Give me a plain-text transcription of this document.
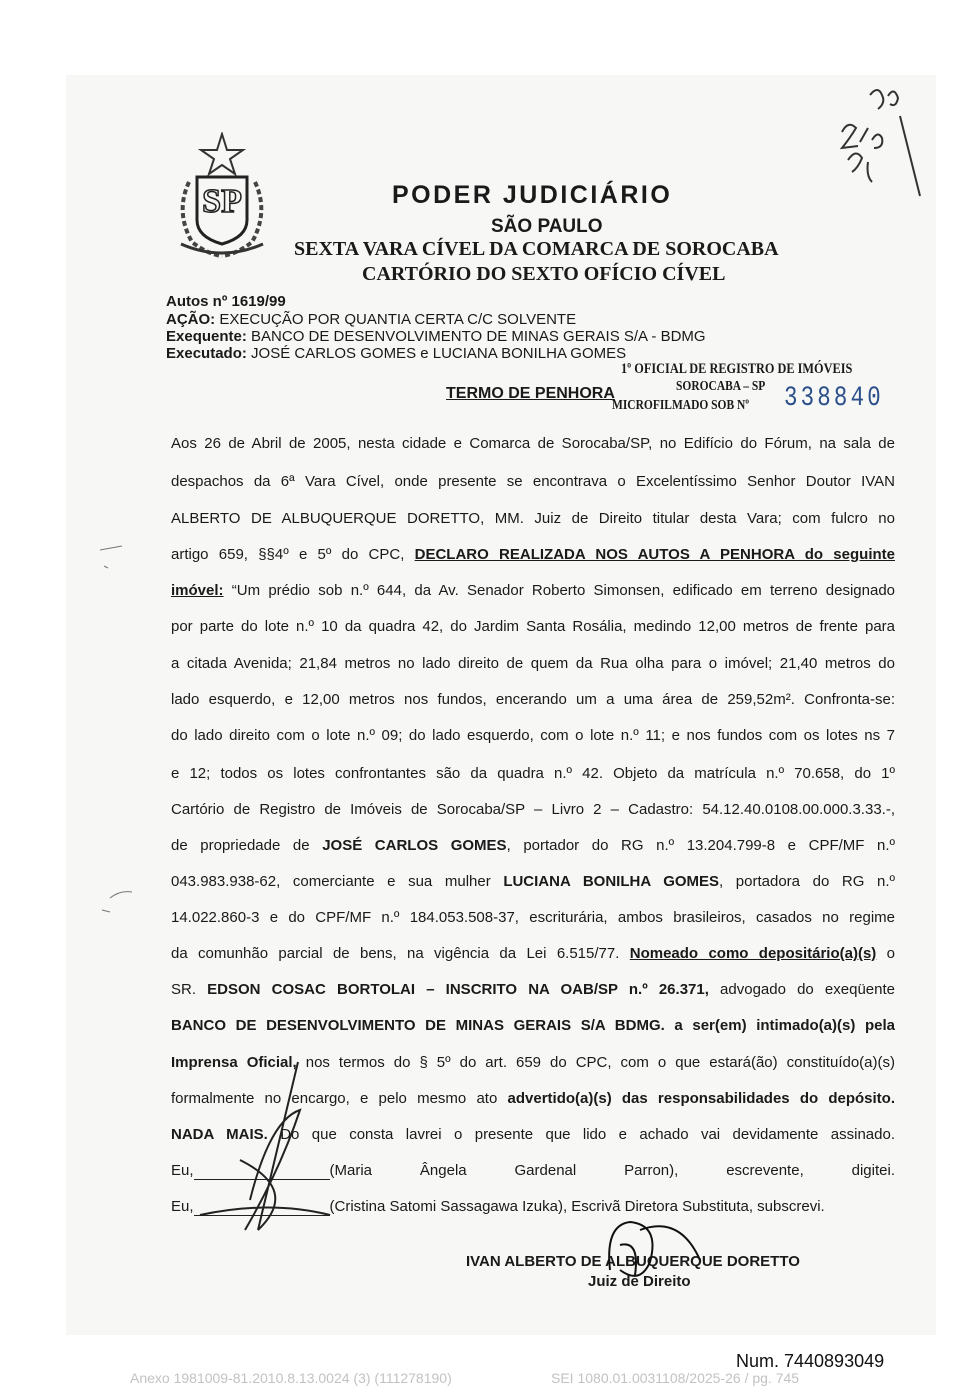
SP	PODER JUDICIÁRIO
SÃO PAULO
SEXTA VARA CÍVEL DA COMARCA DE SOROCABA
CARTÓRIO DO SEXTO OFÍCIO CÍVEL
Autos nº 1619/99
AÇÃO: EXECUÇÃO POR QUANTIA CERTA C/C SOLVENTE
Exequente: BANCO DE DESENVOLVIMENTO DE MINAS GERAIS S/A - BDMG
Executado: JOSÉ CARLOS GOMES e LUCIANA BONILHA GOMES
1º OFICIAL DE REGISTRO DE IMÓVEIS
SOROCABA – SP
MICROFILMADO SOB Nº 338840
TERMO DE PENHORA
Aos 26 de Abril de 2005, nesta cidade e Comarca de Sorocaba/SP, no Edifício do Fórum, na sala de
despachos da 6ª Vara Cível, onde presente se encontrava o Excelentíssimo Senhor Doutor IVAN
ALBERTO DE ALBUQUERQUE DORETTO, MM. Juiz de Direito titular desta Vara; com fulcro no
artigo 659, §§4º e 5º do CPC, DECLARO REALIZADA NOS AUTOS A PENHORA do seguinte
imóvel: “Um prédio sob n.º 644, da Av. Senador Roberto Simonsen, edificado em terreno designado
por parte do lote n.º 10 da quadra 42, do Jardim Santa Rosália, medindo 12,00 metros de frente para
a citada Avenida; 21,84 metros no lado direito de quem da Rua olha para o imóvel; 21,40 metros do
lado esquerdo, e 12,00 metros nos fundos, encerando um a uma área de 259,52m². Confronta-se:
do lado direito com o lote n.º 09; do lado esquerdo, com o lote n.º 11; e nos fundos com os lotes ns 7
e 12; todos os lotes confrontantes são da quadra n.º 42. Objeto da matrícula n.º 70.658, do 1º
Cartório de Registro de Imóveis de Sorocaba/SP – Livro 2 – Cadastro: 54.12.40.0108.00.000.3.33.-,
de propriedade de JOSÉ CARLOS GOMES, portador do RG n.º 13.204.799-8 e CPF/MF n.º
043.983.938-62, comerciante e sua mulher LUCIANA BONILHA GOMES, portadora do RG n.º
14.022.860-3 e do CPF/MF n.º 184.053.508-37, escriturária, ambos brasileiros, casados no regime
da comunhão parcial de bens, na vigência da Lei 6.515/77. Nomeado como depositário(a)(s) o
SR. EDSON COSAC BORTOLAI – INSCRITO NA OAB/SP n.º 26.371, advogado do exeqüente
BANCO DE DESENVOLVIMENTO DE MINAS GERAIS S/A BDMG. a ser(em) intimado(a)(s) pela
Imprensa Oficial, nos termos do § 5º do art. 659 do CPC, com o que estará(ão) constituído(a)(s)
formalmente no encargo, e pelo mesmo ato advertido(a)(s) das responsabilidades do depósito.
NADA MAIS. Do que consta lavrei o presente que lido e achado vai devidamente assinado.
Eu,	(Maria Ângela Gardenal Parron), escrevente, digitei.
Eu,	(Cristina Satomi Sassagawa Izuka), Escrivã Diretora Substituta, subscrevi.
IVAN ALBERTO DE ALBUQUERQUE DORETTO
Juiz de Direito
Num. 7440893049
Anexo 1981009-81.2010.8.13.0024 (3) (111278190)	SEI 1080.01.0031108/2025-26 / pg. 745
